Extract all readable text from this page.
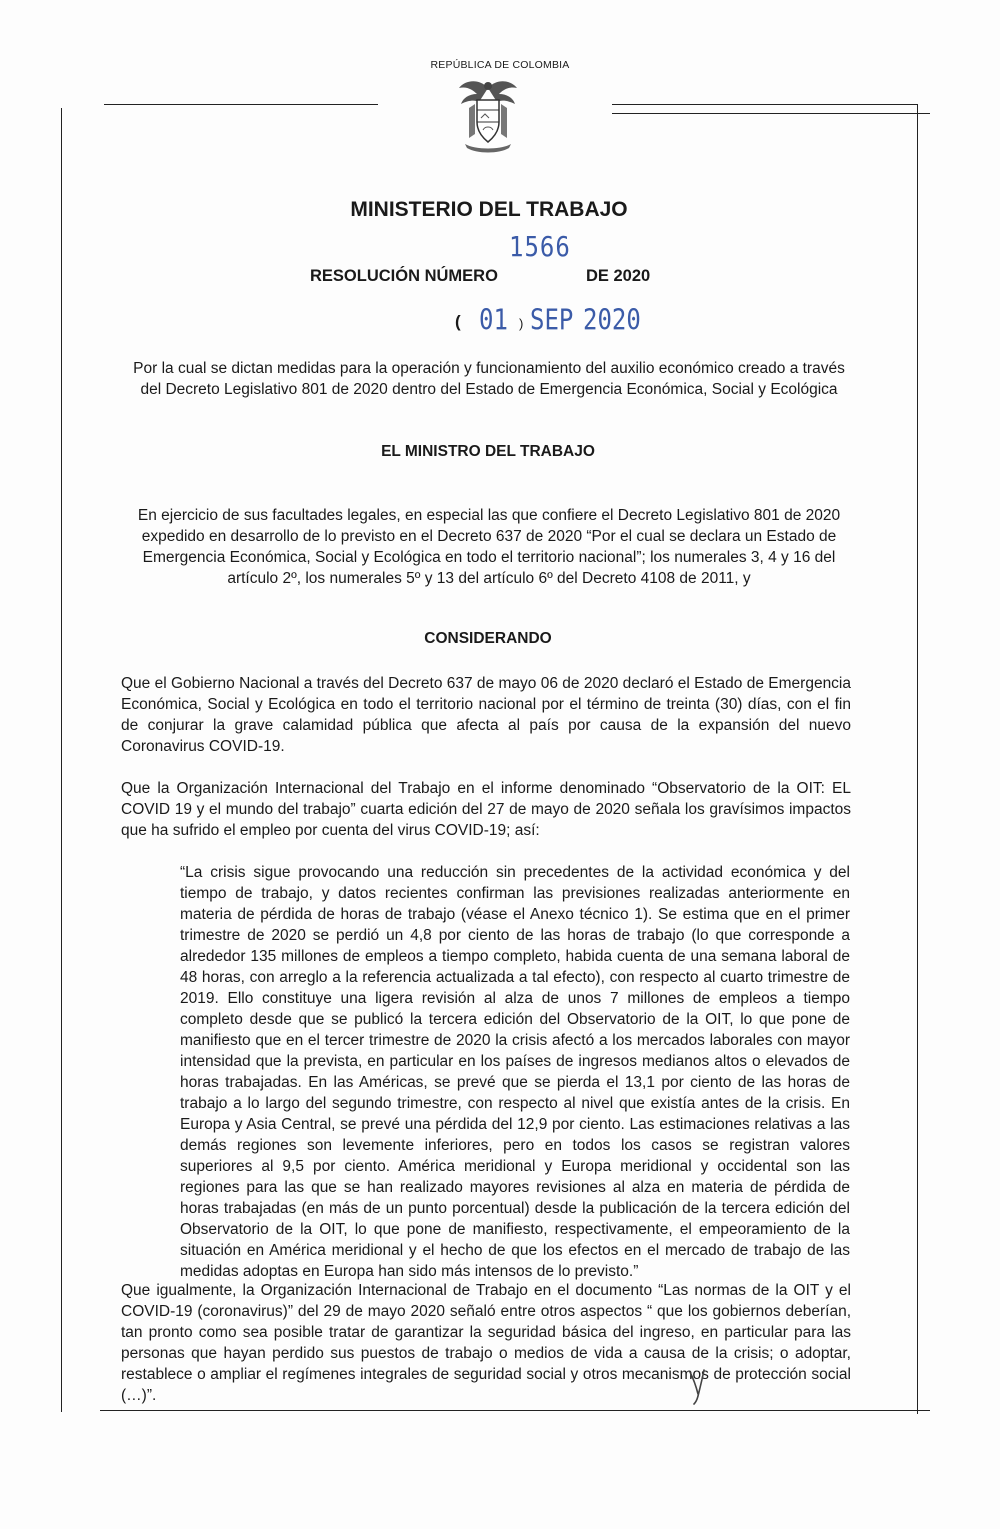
REPÚBLICA DE COLOMBIA
MINISTERIO DEL TRABAJO
1566
RESOLUCIÓN NÚMERO	DE 2020
( 01 ) SEP 2020
Por la cual se dictan medidas para la operación y funcionamiento del auxilio económico creado a través del Decreto Legislativo 801 de 2020 dentro del Estado de Emergencia Económica, Social y Ecológica
EL MINISTRO DEL TRABAJO
En ejercicio de sus facultades legales, en especial las que confiere el Decreto Legislativo 801 de 2020 expedido en desarrollo de lo previsto en el Decreto 637 de 2020 “Por el cual se declara un Estado de Emergencia Económica, Social y Ecológica en todo el territorio nacional”; los numerales 3, 4 y 16 del artículo 2º, los numerales 5º y 13 del artículo 6º del Decreto 4108 de 2011, y
CONSIDERANDO
Que el Gobierno Nacional a través del Decreto 637 de mayo 06 de 2020 declaró el Estado de Emergencia Económica, Social y Ecológica en todo el territorio nacional por el término de treinta (30) días, con el fin de conjurar la grave calamidad pública que afecta al país por causa de la expansión del nuevo Coronavirus COVID-19.
Que la Organización Internacional del Trabajo en el informe denominado “Observatorio de la OIT: EL COVID 19 y el mundo del trabajo” cuarta edición del 27 de mayo de 2020 señala los gravísimos impactos que ha sufrido el empleo por cuenta del virus COVID-19; así:
“La crisis sigue provocando una reducción sin precedentes de la actividad económica y del tiempo de trabajo, y datos recientes confirman las previsiones realizadas anteriormente en materia de pérdida de horas de trabajo (véase el Anexo técnico 1). Se estima que en el primer trimestre de 2020 se perdió un 4,8 por ciento de las horas de trabajo (lo que corresponde a alrededor 135 millones de empleos a tiempo completo, habida cuenta de una semana laboral de 48 horas, con arreglo a la referencia actualizada a tal efecto), con respecto al cuarto trimestre de 2019. Ello constituye una ligera revisión al alza de unos 7 millones de empleos a tiempo completo desde que se publicó la tercera edición del Observatorio de la OIT, lo que pone de manifiesto que en el tercer trimestre de 2020 la crisis afectó a los mercados laborales con mayor intensidad que la prevista, en particular en los países de ingresos medianos altos o elevados de horas trabajadas. En las Américas, se prevé que se pierda el 13,1 por ciento de las horas de trabajo a lo largo del segundo trimestre, con respecto al nivel que existía antes de la crisis. En Europa y Asia Central, se prevé una pérdida del 12,9 por ciento. Las estimaciones relativas a las demás regiones son levemente inferiores, pero en todos los casos se registran valores superiores al 9,5 por ciento. América meridional y Europa meridional y occidental son las regiones para las que se han realizado mayores revisiones al alza en materia de pérdida de horas trabajadas (en más de un punto porcentual) desde la publicación de la tercera edición del Observatorio de la OIT, lo que pone de manifiesto, respectivamente, el empeoramiento de la situación en América meridional y el hecho de que los efectos en el mercado de trabajo de las medidas adoptas en Europa han sido más intensos de lo previsto.”
Que igualmente, la Organización Internacional de Trabajo en el documento “Las normas de la OIT y el COVID-19 (coronavirus)” del 29 de mayo 2020 señaló entre otros aspectos “ que los gobiernos deberían, tan pronto como sea posible tratar de garantizar la seguridad básica del ingreso, en particular para las personas que hayan perdido sus puestos de trabajo o medios de vida a causa de la crisis; o adoptar, restablece o ampliar el regímenes integrales de seguridad social y otros mecanismos de protección social (…)”.
